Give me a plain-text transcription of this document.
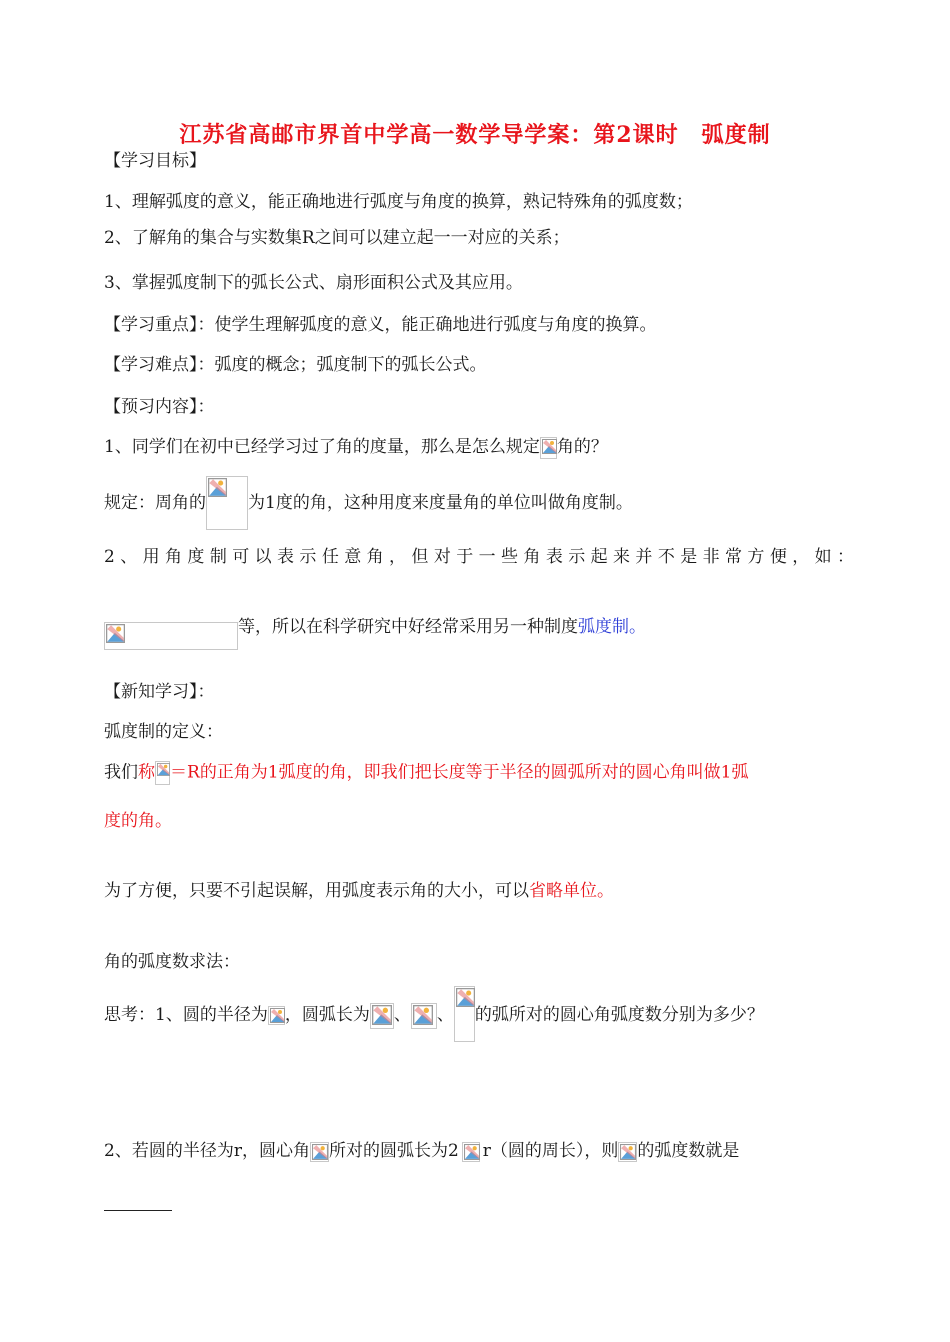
江苏省高邮市界首中学高一数学导学案：第2课时　弧度制
【学习目标】
1、理解弧度的意义，能正确地进行弧度与角度的换算，熟记特殊角的弧度数；
2、了解角的集合与实数集R之间可以建立起一一对应的关系；
3、掌握弧度制下的弧长公式、扇形面积公式及其应用。
【学习重点】：使学生理解弧度的意义，能正确地进行弧度与角度的换算。
【学习难点】：弧度的概念；弧度制下的弧长公式。
【预习内容】：
1、同学们在初中已经学习过了角的度量，那么是怎么规定 角的？
规定：周角的 为1度的角，这种用度来度量角的单位叫做角度制。
2、用角度制可以表示任意角，但对于一些角表示起来并不是非常方便，如：
等，所以在科学研究中好经常采用另一种制度弧度制。
【新知学习】：
弧度制的定义：
我们称 ＝R的正角为1弧度的角，即我们把长度等于半径的圆弧所对的圆心角叫做1弧
度的角。
为了方便，只要不引起误解，用弧度表示角的大小，可以省略单位。
角的弧度数求法：
思考：1、圆的半径为 ，圆弧长为 、 、 的弧所对的圆心角弧度数分别为多少？
2、若圆的半径为r，圆心角 所对的圆弧长为2 r（圆的周长），则 的弧度数就是
